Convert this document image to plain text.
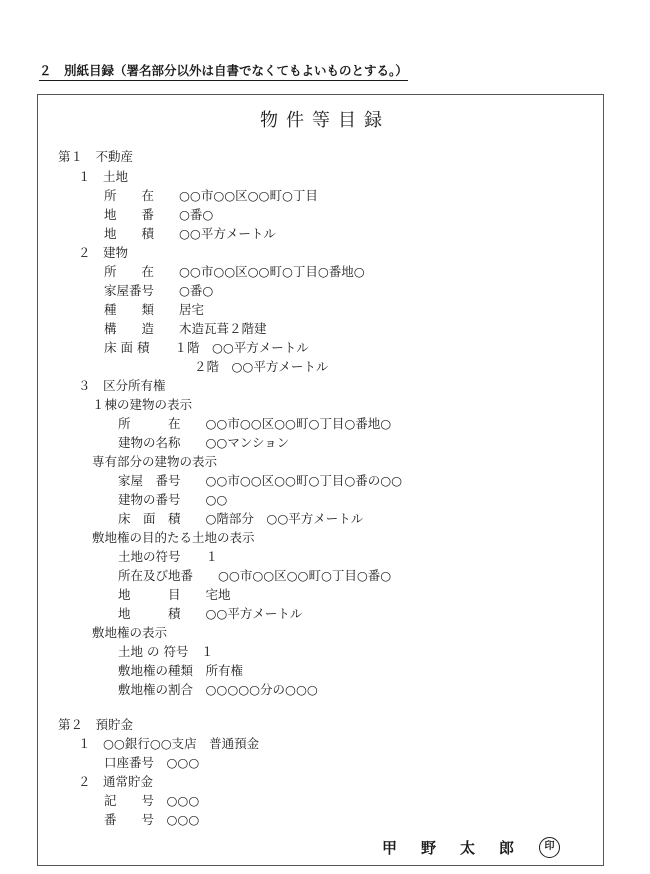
２　別紙目録（署名部分以外は自書でなくてもよいものとする。）
物件等目録
第１　不動産
１　土地
所　　在　　○○市○○区○○町○丁目
地　　番　　○番○
地　　積　　○○平方メートル
２　建物
所　　在　　○○市○○区○○町○丁目○番地○
家屋番号　　○番○
種　　類　　居宅
構　　造　　木造瓦葺２階建
床 面 積　　１階　○○平方メートル
２階　○○平方メートル
３　区分所有権
１棟の建物の表示
所　　　在　　○○市○○区○○町○丁目○番地○
建物の名称　　○○マンション
専有部分の建物の表示
家屋　番号　　○○市○○区○○町○丁目○番の○○
建物の番号　　○○
床　面　積　　○階部分　○○平方メートル
敷地権の目的たる土地の表示
土地の符号　　１
所在及び地番　　○○市○○区○○町○丁目○番○
地　　　目　　宅地
地　　　積　　○○平方メートル
敷地権の表示
土地 の 符号　１
敷地権の種類　所有権
敷地権の割合　○○○○○分の○○○
第２　預貯金
１　○○銀行○○支店　普通預金
口座番号　○○○
２　通常貯金
記　　号　○○○
番　　号　○○○
甲 野 太 郎	印
